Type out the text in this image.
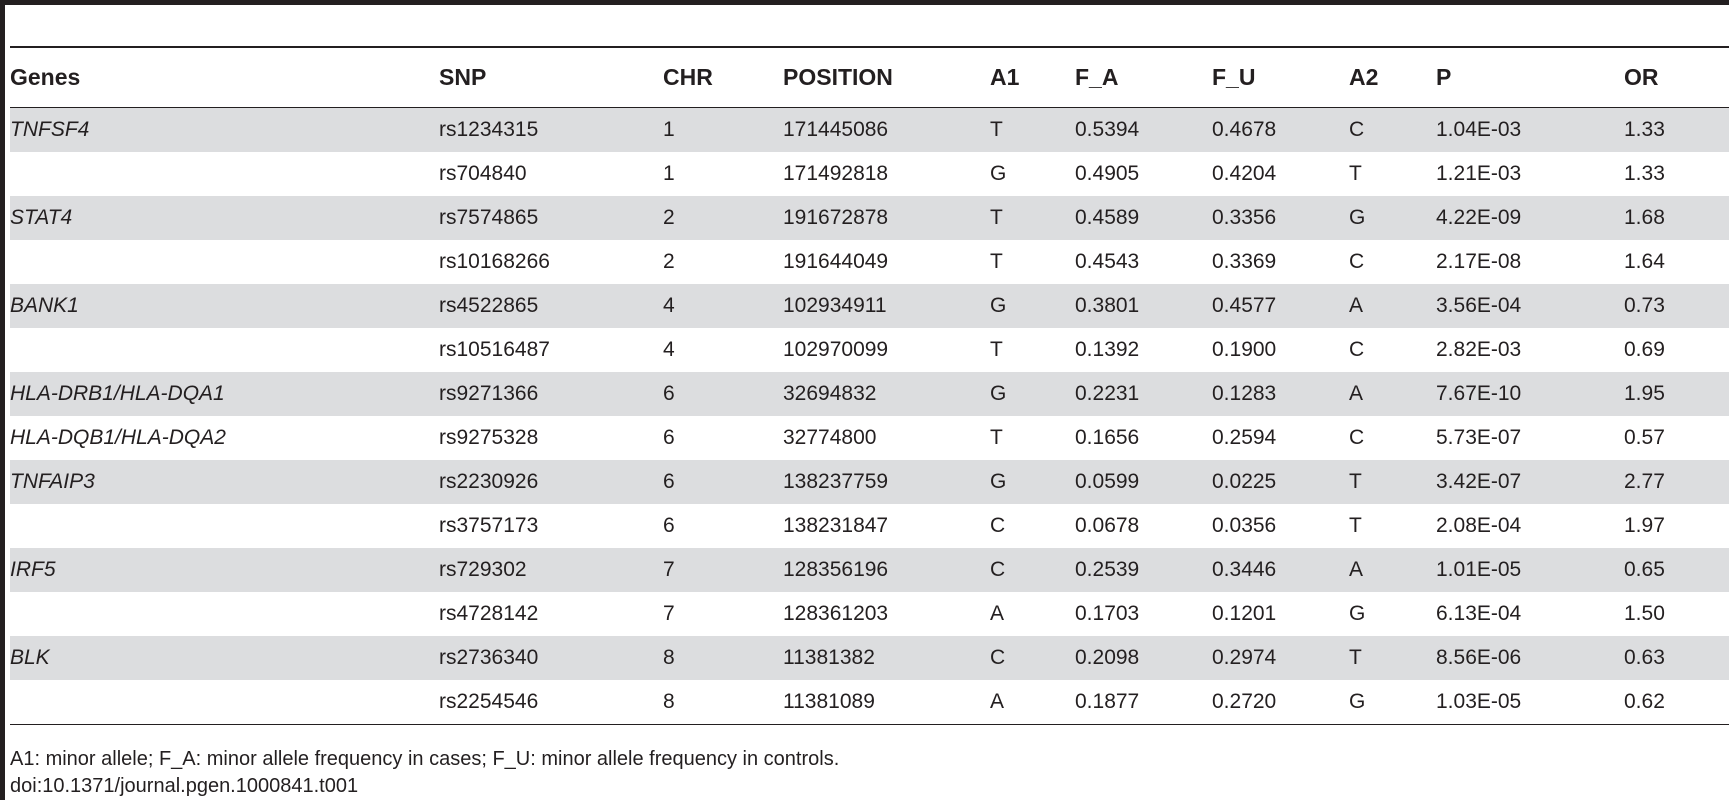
Genes	SNP	CHR	POSITION	A1	F_A	F_U	A2	P	OR
TNFSF4	rs1234315	1	171445086	T	0.5394	0.4678	C	1.04E-03	1.33
	rs704840	1	171492818	G	0.4905	0.4204	T	1.21E-03	1.33
STAT4	rs7574865	2	191672878	T	0.4589	0.3356	G	4.22E-09	1.68
	rs10168266	2	191644049	T	0.4543	0.3369	C	2.17E-08	1.64
BANK1	rs4522865	4	102934911	G	0.3801	0.4577	A	3.56E-04	0.73
	rs10516487	4	102970099	T	0.1392	0.1900	C	2.82E-03	0.69
HLA-DRB1/HLA-DQA1	rs9271366	6	32694832	G	0.2231	0.1283	A	7.67E-10	1.95
HLA-DQB1/HLA-DQA2	rs9275328	6	32774800	T	0.1656	0.2594	C	5.73E-07	0.57
TNFAIP3	rs2230926	6	138237759	G	0.0599	0.0225	T	3.42E-07	2.77
	rs3757173	6	138231847	C	0.0678	0.0356	T	2.08E-04	1.97
IRF5	rs729302	7	128356196	C	0.2539	0.3446	A	1.01E-05	0.65
	rs4728142	7	128361203	A	0.1703	0.1201	G	6.13E-04	1.50
BLK	rs2736340	8	11381382	C	0.2098	0.2974	T	8.56E-06	0.63
	rs2254546	8	11381089	A	0.1877	0.2720	G	1.03E-05	0.62
A1: minor allele; F_A: minor allele frequency in cases; F_U: minor allele frequency in controls.
doi:10.1371/journal.pgen.1000841.t001
